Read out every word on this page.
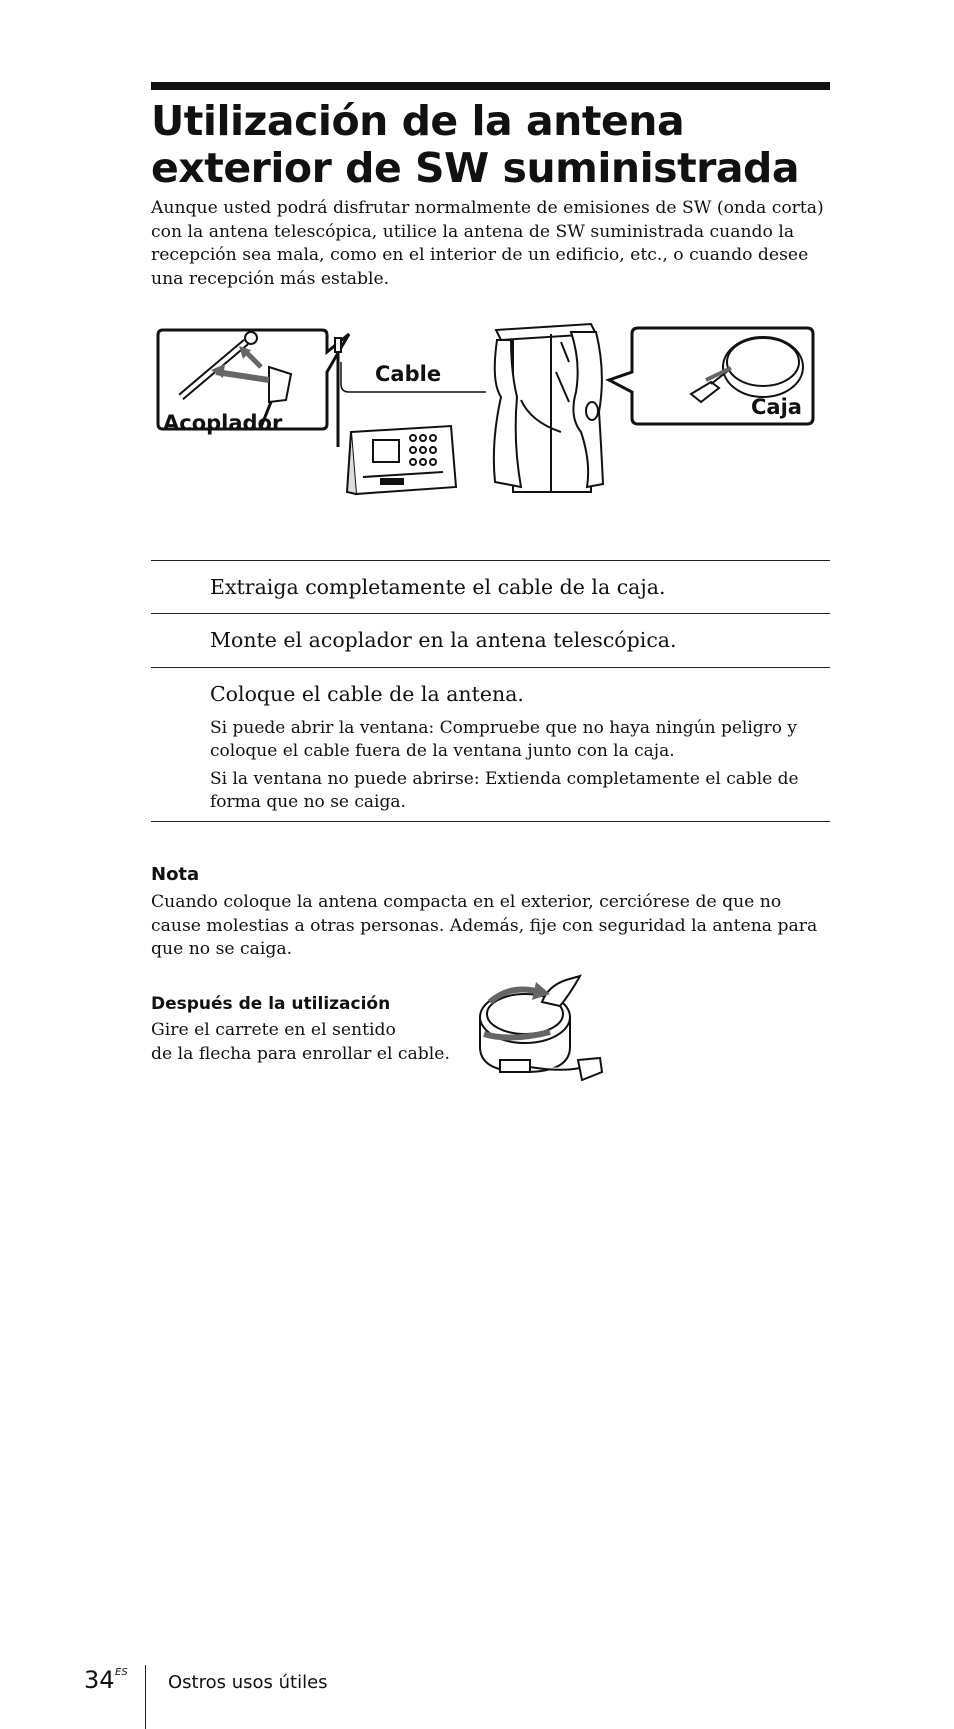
Utilización de la antena exterior de SW suministrada

Aunque usted podrá disfrutar normalmente de emisiones de SW (onda corta) con la antena telescópica, utilice la antena de SW suministrada cuando la recepción sea mala, como en el interior de un edificio, etc., o cuando desee una recepción más estable.

Acoplador
Cable
Caja

Extraiga completamente el cable de la caja.

Monte el acoplador en la antena telescópica.

Coloque el cable de la antena.

Si puede abrir la ventana: Compruebe que no haya ningún peligro y coloque el cable fuera de la ventana junto con la caja.

Si la ventana no puede abrirse: Extienda completamente el cable de forma que no se caiga.

Nota

Cuando coloque la antena compacta en el exterior, cerciórese de que no cause molestias a otras personas. Además, fije con seguridad la antena para que no se caiga.

Después de la utilización

Gire el carrete en el sentido

de la flecha para enrollar el cable.

34 ES Ostros usos útiles
